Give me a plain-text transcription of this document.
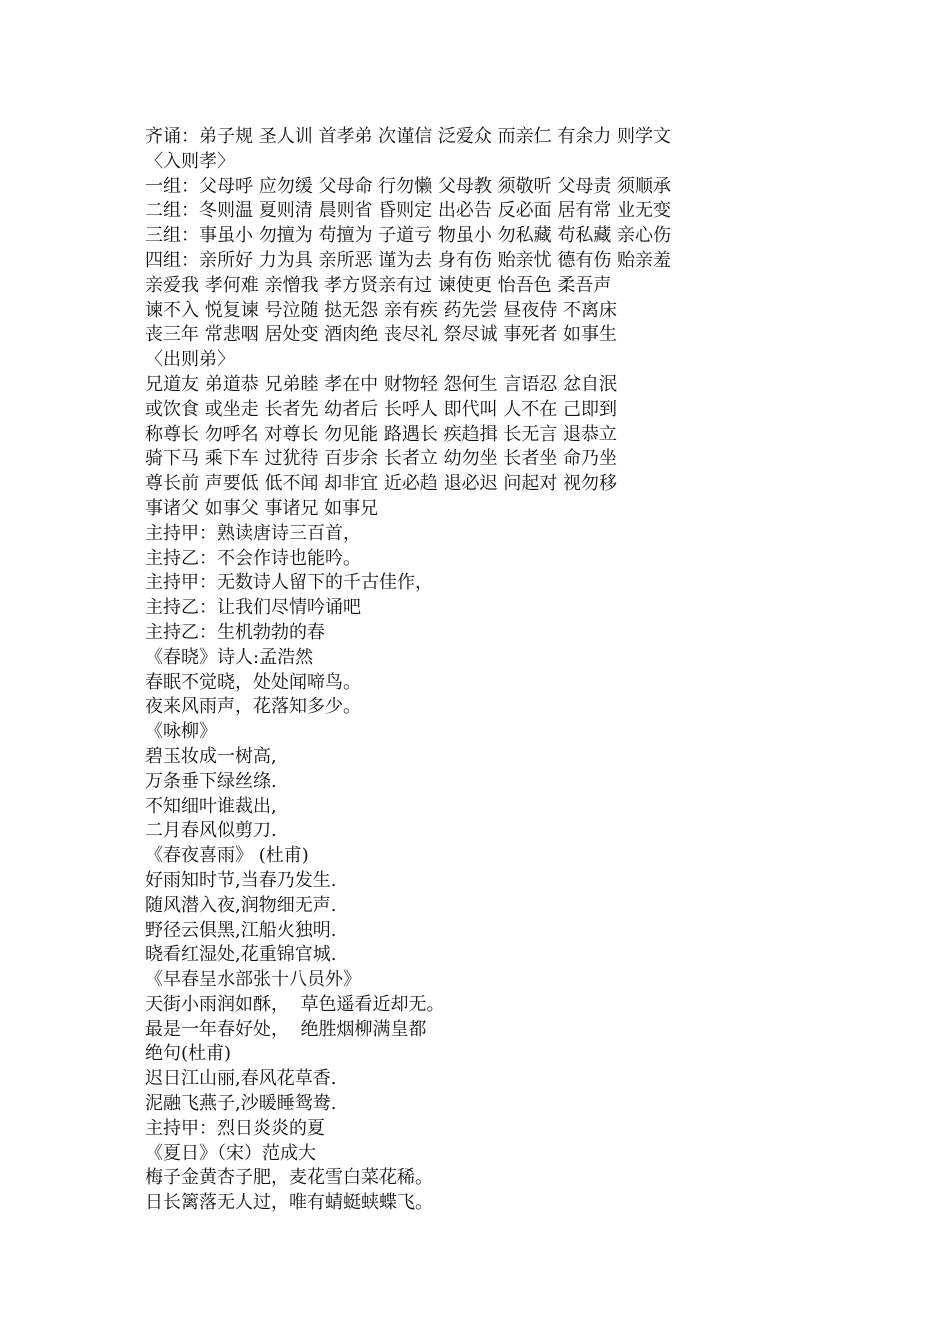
齐诵：弟子规 圣人训 首孝弟 次谨信 泛爱众 而亲仁 有余力 则学文
〈入则孝〉
一组：父母呼 应勿缓 父母命 行勿懒 父母教 须敬听 父母责 须顺承
二组：冬则温 夏则清 晨则省 昏则定 出必告 反必面 居有常 业无变
三组：事虽小 勿擅为 苟擅为 子道亏 物虽小 勿私藏 苟私藏 亲心伤
四组：亲所好 力为具 亲所恶 谨为去 身有伤 贻亲忧 德有伤 贻亲羞
亲爱我 孝何难 亲憎我 孝方贤亲有过 谏使更 怡吾色 柔吾声
谏不入 悦复谏 号泣随 挞无怨 亲有疾 药先尝 昼夜侍 不离床
丧三年 常悲咽 居处变 酒肉绝 丧尽礼 祭尽诚 事死者 如事生
〈出则弟〉
兄道友 弟道恭 兄弟睦 孝在中 财物轻 怨何生 言语忍 忿自泯
或饮食 或坐走 长者先 幼者后 长呼人 即代叫 人不在 己即到
称尊长 勿呼名 对尊长 勿见能 路遇长 疾趋揖 长无言 退恭立
骑下马 乘下车 过犹待 百步余 长者立 幼勿坐 长者坐 命乃坐
尊长前 声要低 低不闻 却非宜 近必趋 退必迟 问起对 视勿移
事诸父 如事父 事诸兄 如事兄
主持甲：熟读唐诗三百首，
主持乙：不会作诗也能吟。
主持甲：无数诗人留下的千古佳作，
主持乙：让我们尽情吟诵吧
主持乙：生机勃勃的春
《春晓》诗人:孟浩然
春眠不觉晓，处处闻啼鸟。
夜来风雨声，花落知多少。
《咏柳》
碧玉妆成一树高,
万条垂下绿丝绦.
不知细叶谁裁出,
二月春风似剪刀.
《春夜喜雨》 (杜甫)
好雨知时节,当春乃发生.
随风潜入夜,润物细无声.
野径云俱黑,江船火独明.
晓看红湿处,花重锦官城.
《早春呈水部张十八员外》
天街小雨润如酥，  草色遥看近却无。
最是一年春好处，  绝胜烟柳满皇都
绝句(杜甫)
迟日江山丽,春风花草香.
泥融飞燕子,沙暖睡鸳鸯.
主持甲：烈日炎炎的夏
《夏日》（宋）范成大
梅子金黄杏子肥，麦花雪白菜花稀。
日长篱落无人过，唯有蜻蜓蛱蝶飞。
